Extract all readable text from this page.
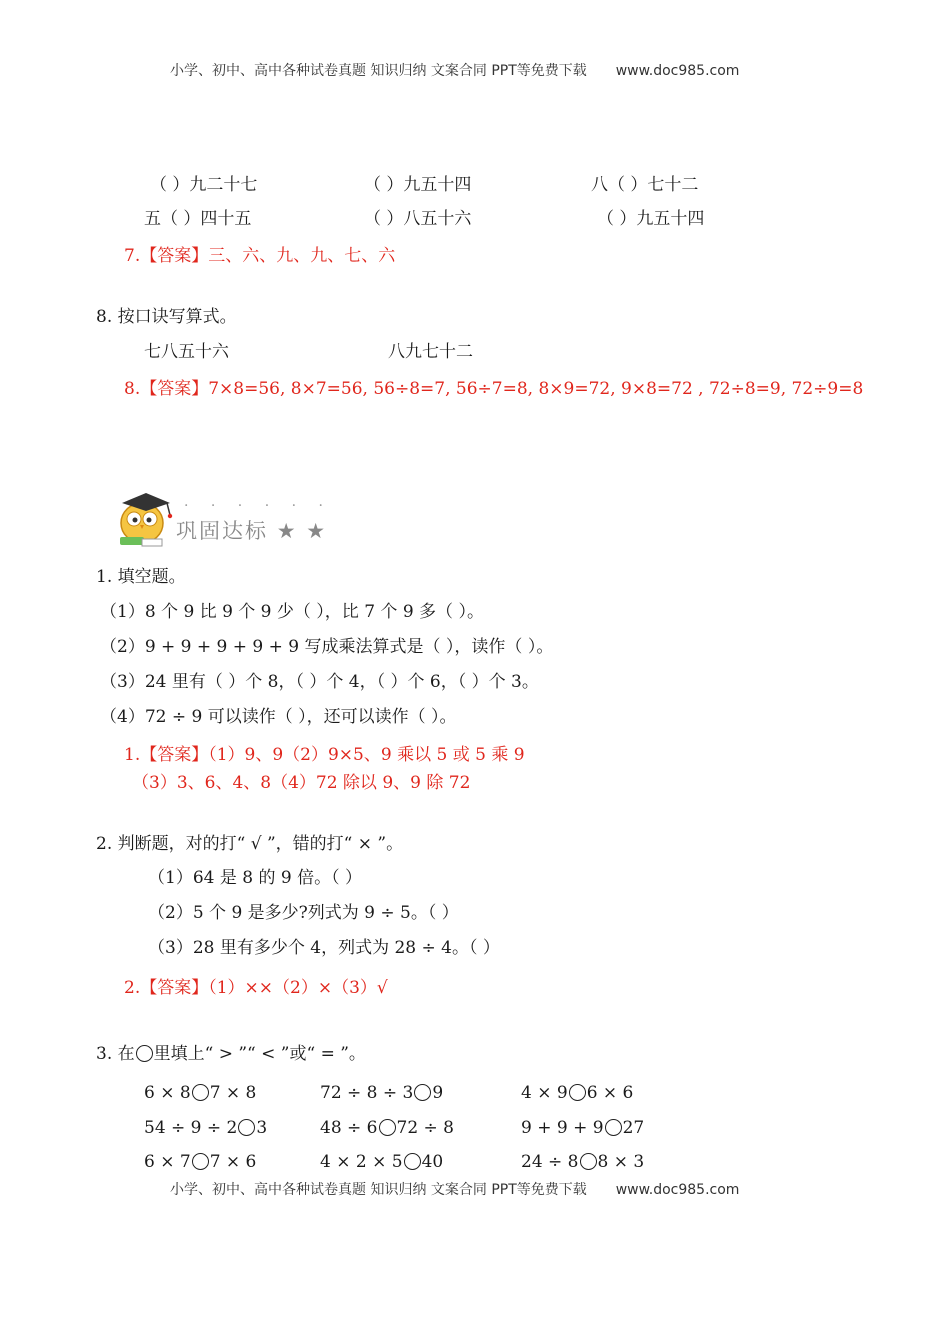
小学、初中、高中各种试卷真题 知识归纳 文案合同 PPT等免费下载 www.doc985.com
（ ）九二十七	（ ）九五十四	八（ ）七十二
五（ ）四十五	（ ）八五十六	（ ）九五十四
7.【答案】三、六、九、九、七、六
8. 按口诀写算式。
七八五十六	八九七十二
8.【答案】7×8=56, 8×7=56, 56÷8=7, 56÷7=8, 8×9=72, 9×8=72 , 72÷8=9, 72÷9=8
· · · · · ·
巩固达标 ★ ★
1. 填空题。
（1）8 个 9 比 9 个 9 少（ ），比 7 个 9 多（ ）。
（2）9 + 9 + 9 + 9 + 9 写成乘法算式是（ ），读作（ ）。
（3）24 里有（ ）个 8，（ ）个 4，（ ）个 6，（ ）个 3。
（4）72 ÷ 9 可以读作（ ），还可以读作（ ）。
1.【答案】（1）9、9（2）9×5、9 乘以 5 或 5 乘 9
（3）3、6、4、8（4）72 除以 9、9 除 72
2. 判断题，对的打“ √ ”，错的打“ × ”。
（1）64 是 8 的 9 倍。（ ）
（2）5 个 9 是多少?列式为 9 ÷ 5。（ ）
（3）28 里有多少个 4，列式为 28 ÷ 4。（ ）
2.【答案】（1）××（2）×（3）√
3. 在 里填上“ > ”“ < ”或“ = ”。
6 × 8 7 × 8	72 ÷ 8 ÷ 3 9	4 × 9 6 × 6
54 ÷ 9 ÷ 2 3	48 ÷ 6 72 ÷ 8	9 + 9 + 9 27
6 × 7 7 × 6	4 × 2 × 5 40	24 ÷ 8 8 × 3
小学、初中、高中各种试卷真题 知识归纳 文案合同 PPT等免费下载 www.doc985.com
